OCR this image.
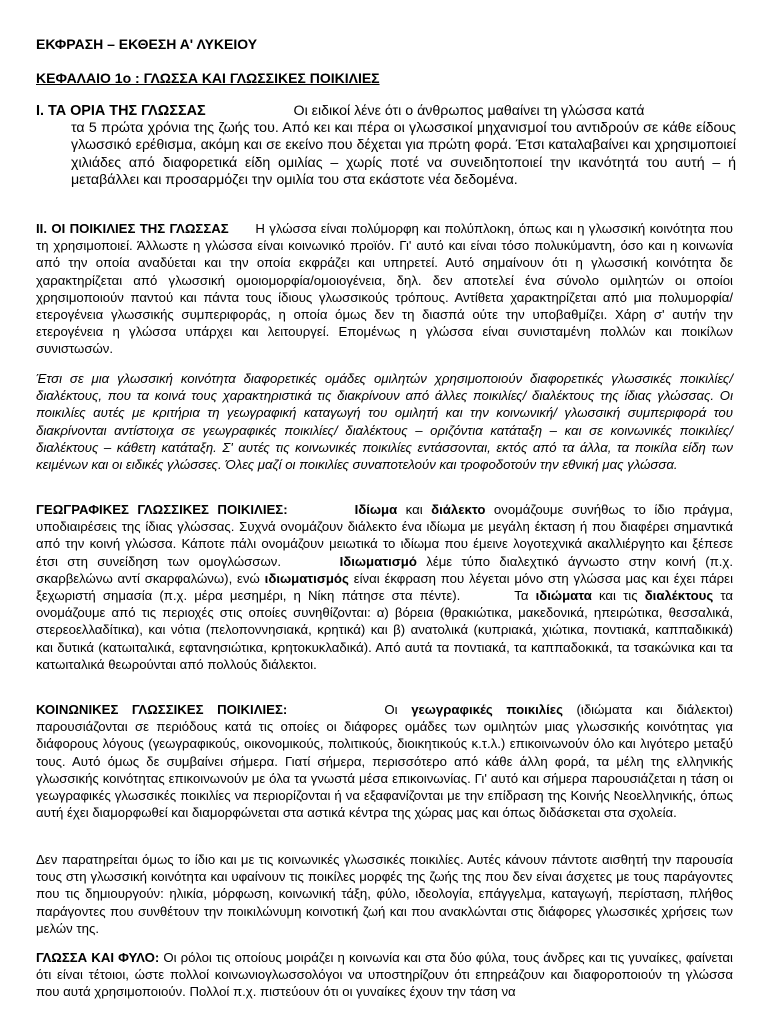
ΕΚΦΡΑΣΗ – ΕΚΘΕΣΗ Α' ΛΥΚΕΙΟΥ
ΚΕΦΑΛΑΙΟ 1ο : ΓΛΩΣΣΑ ΚΑΙ ΓΛΩΣΣΙΚΕΣ ΠΟΙΚΙΛΙΕΣ
Ι. ΤΑ ΟΡΙΑ ΤΗΣ ΓΛΩΣΣΑΣ	Οι ειδικοί λένε ότι ο άνθρωπος μαθαίνει τη γλώσσα κατά
τα 5 πρώτα χρόνια της ζωής του. Από κει και πέρα οι γλωσσικοί μηχανισμοί του αντιδρούν σε κάθε είδους γλωσσικό ερέθισμα, ακόμη και σε εκείνο που δέχεται για πρώτη φορά. Έτσι καταλαβαίνει και χρησιμοποιεί χιλιάδες από διαφορετικά είδη ομιλίας – χωρίς ποτέ να συνειδητοποιεί την ικανότητά του αυτή – ή μεταβάλλει και προσαρμόζει την ομιλία του στα εκάστοτε νέα δεδομένα.
ΙΙ. ΟΙ ΠΟΙΚΙΛΙΕΣ ΤΗΣ ΓΛΩΣΣΑΣ Η γλώσσα είναι πολύμορφη και πολύπλοκη, όπως και η γλωσσική κοινότητα που τη χρησιμοποιεί. Άλλωστε η γλώσσα είναι κοινωνικό προϊόν. Γι' αυτό και είναι τόσο πολυκύμαντη, όσο και η κοινωνία από την οποία αναδύεται και την οποία εκφράζει και υπηρετεί. Αυτό σημαίνουν ότι η γλωσσική κοινότητα δε χαρακτηρίζεται από γλωσσική ομοιομορφία/ομοιογένεια, δηλ. δεν αποτελεί ένα σύνολο ομιλητών οι οποίοι χρησιμοποιούν παντού και πάντα τους ίδιους γλωσσικούς τρόπους. Αντίθετα χαρακτηρίζεται από μια πολυμορφία/ετερογένεια γλωσσικής συμπεριφοράς, η οποία όμως δεν τη διασπά ούτε την υποβαθμίζει. Χάρη σ' αυτήν την ετερογένεια η γλώσσα υπάρχει και λειτουργεί. Επομένως η γλώσσα είναι συνισταμένη πολλών και ποικίλων συνιστωσών.
Έτσι σε μια γλωσσική κοινότητα διαφορετικές ομάδες ομιλητών χρησιμοποιούν διαφορετικές γλωσσικές ποικιλίες/ διαλέκτους, που τα κοινά τους χαρακτηριστικά τις διακρίνουν από άλλες ποικιλίες/ διαλέκτους της ίδιας γλώσσας. Οι ποικιλίες αυτές με κριτήρια τη γεωγραφική καταγωγή του ομιλητή και την κοινωνική/ γλωσσική συμπεριφορά του διακρίνονται αντίστοιχα σε γεωγραφικές ποικιλίες/ διαλέκτους – οριζόντια κατάταξη – και σε κοινωνικές ποικιλίες/ διαλέκτους – κάθετη κατάταξη. Σ' αυτές τις κοινωνικές ποικιλίες εντάσσονται, εκτός από τα άλλα, τα ποικίλα είδη των κειμένων και οι ειδικές γλώσσες. Όλες μαζί οι ποικιλίες συναποτελούν και τροφοδοτούν την εθνική μας γλώσσα.
ΓΕΩΓΡΑΦΙΚΕΣ ΓΛΩΣΣΙΚΕΣ ΠΟΙΚΙΛΙΕΣ:	Ιδίωμα και διάλεκτο ονομάζουμε συνήθως το ίδιο πράγμα, υποδιαιρέσεις της ίδιας γλώσσας. Συχνά ονομάζουν διάλεκτο ένα ιδίωμα με μεγάλη έκταση ή που διαφέρει σημαντικά από την κοινή γλώσσα. Κάποτε πάλι ονομάζουν μειωτικά το ιδίωμα που έμεινε λογοτεχνικά ακαλλιέργητο και ξέπεσε έτσι στη συνείδηση των ομογλώσσων.	Ιδιωματισμό λέμε τύπο διαλεχτικό άγνωστο στην κοινή (π.χ. σκαρβελώνω αντί σκαρφαλώνω), ενώ ιδιωματισμός είναι έκφραση που λέγεται μόνο στη γλώσσα μας και έχει πάρει ξεχωριστή σημασία (π.χ. μέρα μεσημέρι, η Νίκη πάτησε στα πέντε).	Τα ιδιώματα και τις διαλέκτους τα ονομάζουμε από τις περιοχές στις οποίες συνηθίζονται: α) βόρεια (θρακιώτικα, μακεδονικά, ηπειρώτικα, θεσσαλικά, στερεοελλαδίτικα), και νότια (πελοποννησιακά, κρητικά) και β) ανατολικά (κυπριακά, χιώτικα, ποντιακά, καππαδικικά) και δυτικά (κατωιταλικά, εφτανησιώτικα, κρητοκυκλαδικά). Από αυτά τα ποντιακά, τα καππαδοκικά, τα τσακώνικα και τα κατωιταλικά θεωρούνται από πολλούς διάλεκτοι.
ΚΟΙΝΩΝΙΚΕΣ ΓΛΩΣΣΙΚΕΣ ΠΟΙΚΙΛΙΕΣ:	Οι γεωγραφικές ποικιλίες (ιδιώματα και διάλεκτοι) παρουσιάζονται σε περιόδους κατά τις οποίες οι διάφορες ομάδες των ομιλητών μιας γλωσσικής κοινότητας για διάφορους λόγους (γεωγραφικούς, οικονομικούς, πολιτικούς, διοικητικούς κ.τ.λ.) επικοινωνούν όλο και λιγότερο μεταξύ τους. Αυτό όμως δε συμβαίνει σήμερα. Γιατί σήμερα, περισσότερο από κάθε άλλη φορά, τα μέλη της ελληνικής γλωσσικής κοινότητας επικοινωνούν με όλα τα γνωστά μέσα επικοινωνίας. Γι' αυτό και σήμερα παρουσιάζεται η τάση οι γεωγραφικές γλωσσικές ποικιλίες να περιορίζονται ή να εξαφανίζονται με την επίδραση της Κοινής Νεοελληνικής, όπως αυτή έχει διαμορφωθεί και διαμορφώνεται στα αστικά κέντρα της χώρας μας και όπως διδάσκεται στα σχολεία.
Δεν παρατηρείται όμως το ίδιο και με τις κοινωνικές γλωσσικές ποικιλίες. Αυτές κάνουν πάντοτε αισθητή την παρουσία τους στη γλωσσική κοινότητα και υφαίνουν τις ποικίλες μορφές της ζωής της που δεν είναι άσχετες με τους παράγοντες που τις δημιουργούν: ηλικία, μόρφωση, κοινωνική τάξη, φύλο, ιδεολογία, επάγγελμα, καταγωγή, περίσταση, πλήθος παράγοντες που συνθέτουν την ποικιλώνυμη κοινοτική ζωή και που ανακλώνται στις διάφορες γλωσσικές χρήσεις των μελών της.
ΓΛΩΣΣΑ ΚΑΙ ΦΥΛΟ: Οι ρόλοι τις οποίους μοιράζει η κοινωνία και στα δύο φύλα, τους άνδρες και τις γυναίκες, φαίνεται ότι είναι τέτοιοι, ώστε πολλοί κοινωνιογλωσσολόγοι να υποστηρίζουν ότι επηρεάζουν και διαφοροποιούν τη γλώσσα που αυτά χρησιμοποιούν. Πολλοί π.χ. πιστεύουν ότι οι γυναίκες έχουν την τάση να
